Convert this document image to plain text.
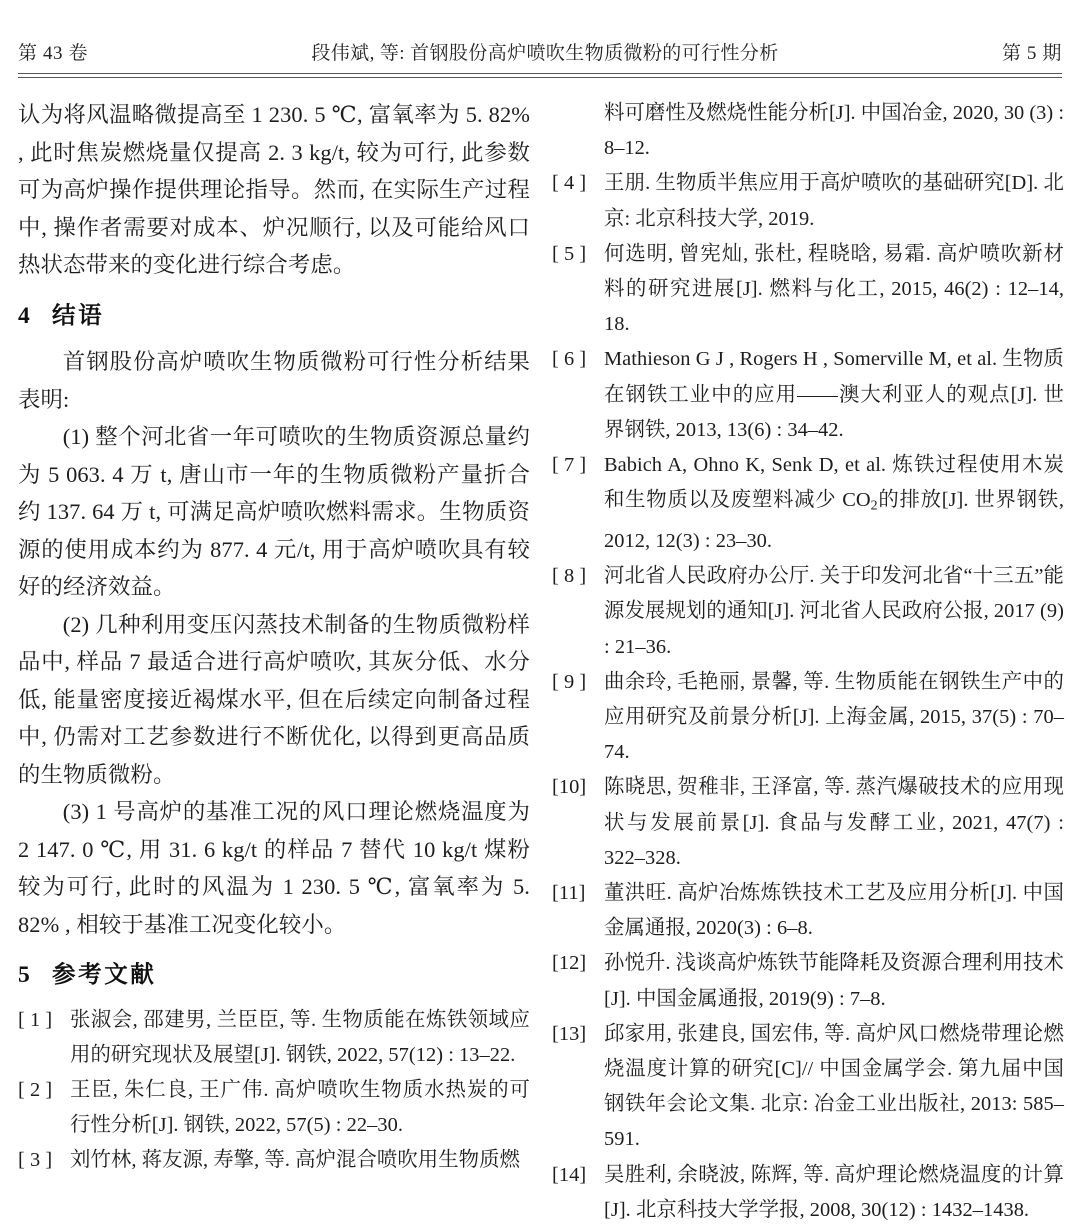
第 43 卷	段伟斌, 等: 首钢股份高炉喷吹生物质微粉的可行性分析	第 5 期

认为将风温略微提高至 1 230. 5 ℃, 富氧率为 5. 82% , 此时焦炭燃烧量仅提高 2. 3 kg/t, 较为可行, 此参数可为高炉操作提供理论指导。然而, 在实际生产过程中, 操作者需要对成本、炉况顺行, 以及可能给风口热状态带来的变化进行综合考虑。

4 结语

首钢股份高炉喷吹生物质微粉可行性分析结果表明:

(1) 整个河北省一年可喷吹的生物质资源总量约为 5 063. 4 万 t, 唐山市一年的生物质微粉产量折合约 137. 64 万 t, 可满足高炉喷吹燃料需求。生物质资源的使用成本约为 877. 4 元/t, 用于高炉喷吹具有较好的经济效益。

(2) 几种利用变压闪蒸技术制备的生物质微粉样品中, 样品 7 最适合进行高炉喷吹, 其灰分低、水分低, 能量密度接近褐煤水平, 但在后续定向制备过程中, 仍需对工艺参数进行不断优化, 以得到更高品质的生物质微粉。

(3) 1 号高炉的基准工况的风口理论燃烧温度为 2 147. 0 ℃, 用 31. 6 kg/t 的样品 7 替代 10 kg/t 煤粉较为可行, 此时的风温为 1 230. 5 ℃, 富氧率为 5. 82% , 相较于基准工况变化较小。

5 参考文献

[ 1 ] 张淑会, 邵建男, 兰臣臣, 等. 生物质能在炼铁领域应用的研究现状及展望[J]. 钢铁, 2022, 57(12) : 13–22.

[ 2 ] 王臣, 朱仁良, 王广伟. 高炉喷吹生物质水热炭的可行性分析[J]. 钢铁, 2022, 57(5) : 22–30.

[ 3 ] 刘竹林, 蒋友源, 寿擎, 等. 高炉混合喷吹用生物质燃

料可磨性及燃烧性能分析[J]. 中国冶金, 2020, 30 (3) : 8–12.

[ 4 ] 王朋. 生物质半焦应用于高炉喷吹的基础研究[D]. 北京: 北京科技大学, 2019.

[ 5 ] 何选明, 曾宪灿, 张杜, 程晓晗, 易霜. 高炉喷吹新材料的研究进展[J]. 燃料与化工, 2015, 46(2) : 12–14, 18.

[ 6 ] Mathieson G J , Rogers H , Somerville M, et al. 生物质在钢铁工业中的应用——澳大利亚人的观点[J]. 世界钢铁, 2013, 13(6) : 34–42.

[ 7 ] Babich A, Ohno K, Senk D, et al. 炼铁过程使用木炭和生物质以及废塑料减少 $CO_2$的排放[J]. 世界钢铁, 2012, 12(3) : 23–30.

[ 8 ] 河北省人民政府办公厅. 关于印发河北省“十三五”能源发展规划的通知[J]. 河北省人民政府公报, 2017 (9) : 21–36.

[ 9 ] 曲余玲, 毛艳丽, 景馨, 等. 生物质能在钢铁生产中的应用研究及前景分析[J]. 上海金属, 2015, 37(5) : 70–74.

[10] 陈晓思, 贺稚非, 王泽富, 等. 蒸汽爆破技术的应用现状与发展前景[J]. 食品与发酵工业, 2021, 47(7) : 322–328.

[11] 董洪旺. 高炉冶炼炼铁技术工艺及应用分析[J]. 中国金属通报, 2020(3) : 6–8.

[12] 孙悦升. 浅谈高炉炼铁节能降耗及资源合理利用技术[J]. 中国金属通报, 2019(9) : 7–8.

[13] 邱家用, 张建良, 国宏伟, 等. 高炉风口燃烧带理论燃烧温度计算的研究[C]// 中国金属学会. 第九届中国钢铁年会论文集. 北京: 冶金工业出版社, 2013: 585–591.

[14] 吴胜利, 余晓波, 陈辉, 等. 高炉理论燃烧温度的计算[J]. 北京科技大学学报, 2008, 30(12) : 1432–1438.
